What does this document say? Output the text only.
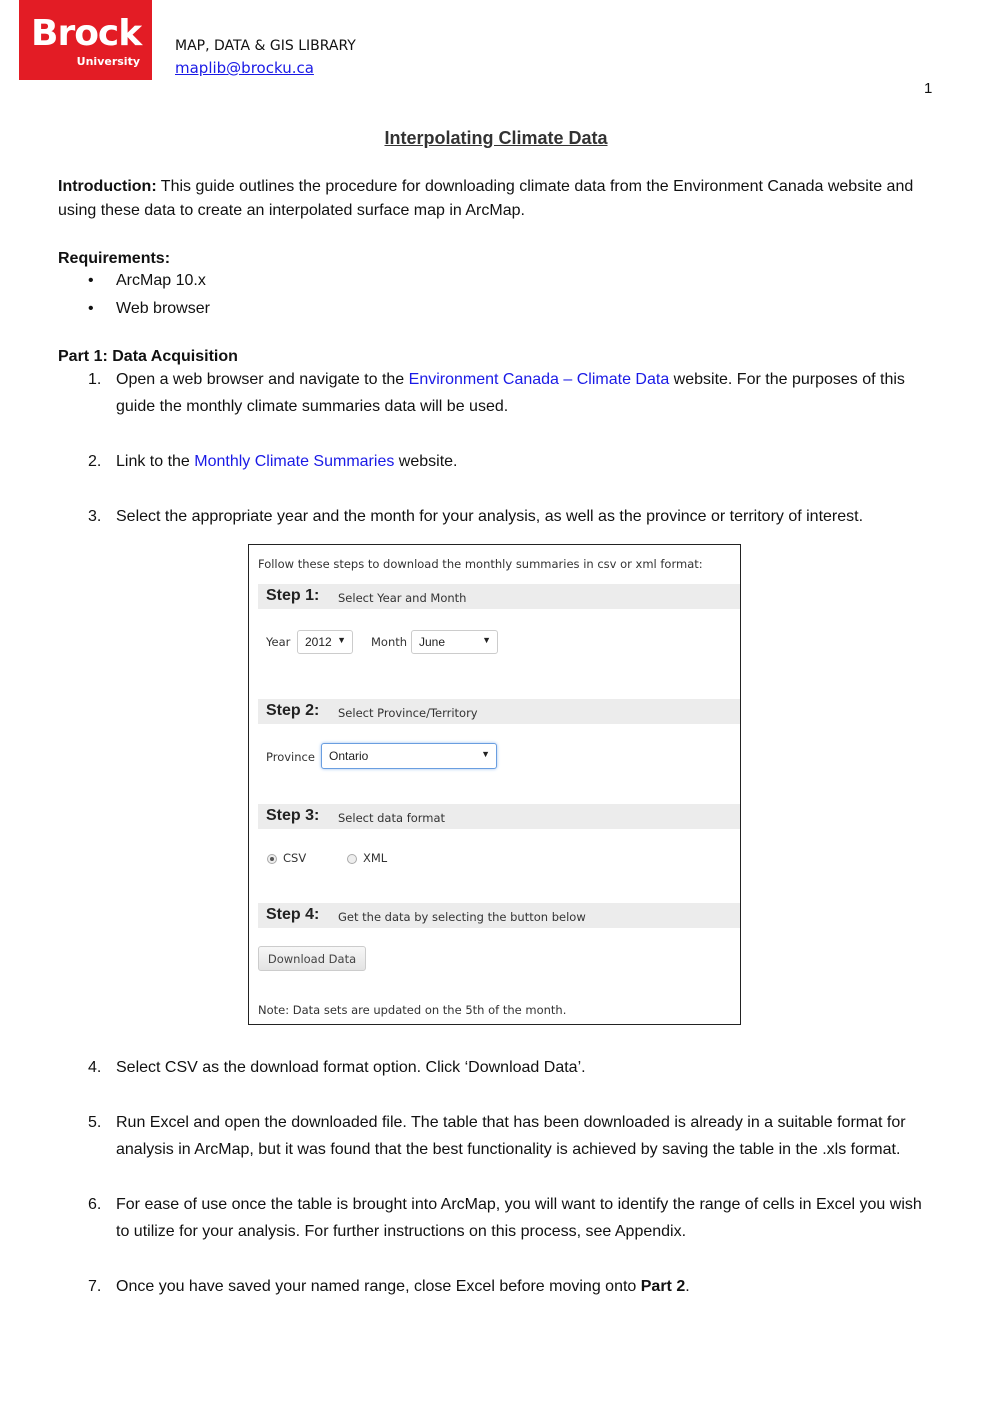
Brock
University
MAP, DATA & GIS LIBRARY
maplib@brocku.ca
1
Interpolating Climate Data
Introduction: This guide outlines the procedure for downloading climate data from the Environment Canada website and using these data to create an interpolated surface map in ArcMap.
Requirements:
• ArcMap 10.x
• Web browser
Part 1: Data Acquisition
1. Open a web browser and navigate to the Environment Canada – Climate Data website. For the purposes of this guide the monthly climate summaries data will be used.
2. Link to the Monthly Climate Summaries website.
3. Select the appropriate year and the month for your analysis, as well as the province or territory of interest.
Follow these steps to download the monthly summaries in csv or xml format:
Step 1: Select Year and Month
Year 2012 ▼ Month June	▼
Step 2: Select Province/Territory
Province Ontario	▼
Step 3: Select data format
CSV	XML
Step 4: Get the data by selecting the button below
Download Data
Note: Data sets are updated on the 5th of the month.
4. Select CSV as the download format option. Click ‘Download Data’.
5. Run Excel and open the downloaded file. The table that has been downloaded is already in a suitable format for analysis in ArcMap, but it was found that the best functionality is achieved by saving the table in the .xls format.
6. For ease of use once the table is brought into ArcMap, you will want to identify the range of cells in Excel you wish to utilize for your analysis. For further instructions on this process, see Appendix.
7. Once you have saved your named range, close Excel before moving onto Part 2.
